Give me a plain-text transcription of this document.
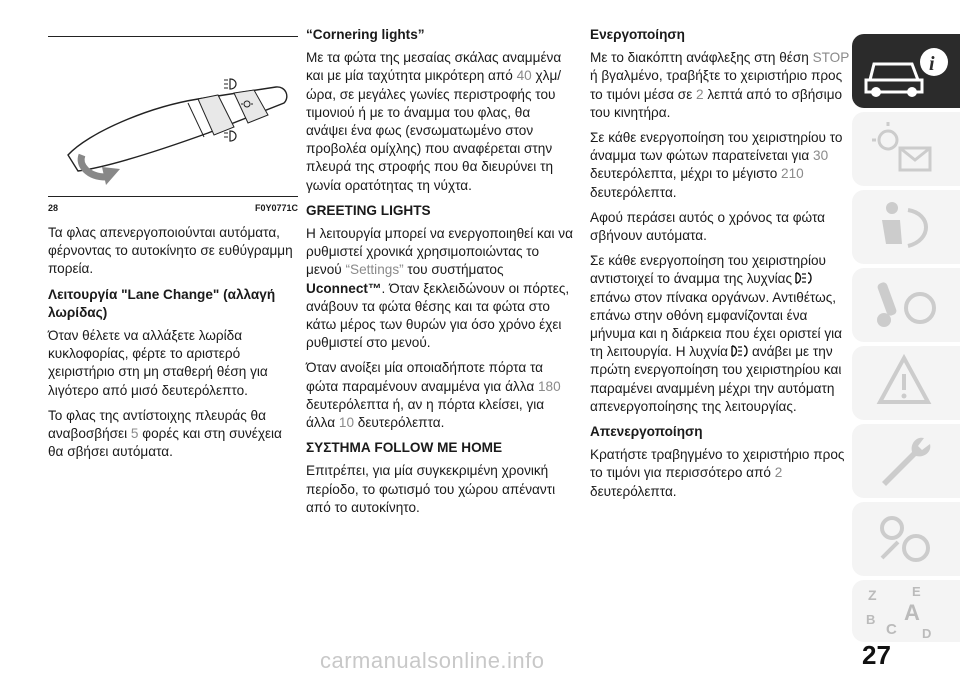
28	F0Y0771C

Τα φλας απενεργοποιούνται αυτόματα, φέρνοντας το αυτοκίνητο σε ευθύγραμμη πορεία.

Λειτουργία "Lane Change" (αλλαγή λωρίδας)

Όταν θέλετε να αλλάξετε λωρίδα κυκλοφορίας, φέρτε το αριστερό χειριστήριο στη μη σταθερή θέση για λιγότερο από μισό δευτερόλεπτο.

Το φλας της αντίστοιχης πλευράς θα αναβοσβήσει 5 φορές και στη συνέχεια θα σβήσει αυτόματα.

“Cornering lights”

Με τα φώτα της μεσαίας σκάλας αναμμένα και με μία ταχύτητα μικρότερη από 40 χλμ/ώρα, σε μεγάλες γωνίες περιστροφής του τιμονιού ή με το άναμμα του φλας, θα ανάψει ένα φως (ενσωματωμένο στον προβολέα ομίχλης) που αναφέρεται στην πλευρά της στροφής που θα διευρύνει τη γωνία ορατότητας τη νύχτα.

GREETING LIGHTS

Η λειτουργία μπορεί να ενεργοποιηθεί και να ρυθμιστεί χρονικά χρησιμοποιώντας το μενού “Settings” του συστήματος Uconnect™. Όταν ξεκλειδώνουν οι πόρτες, ανάβουν τα φώτα θέσης και τα φώτα στο κάτω μέρος των θυρών για όσο χρόνο έχει ρυθμιστεί στο μενού.

Όταν ανοίξει μία οποιαδήποτε πόρτα τα φώτα παραμένουν αναμμένα για άλλα 180 δευτερόλεπτα ή, αν η πόρτα κλείσει, για άλλα 10 δευτερόλεπτα.

ΣΥΣΤΗΜΑ FOLLOW ME HOME

Επιτρέπει, για μία συγκεκριμένη χρονική περίοδο, το φωτισμό του χώρου απέναντι από το αυτοκίνητο.

Ενεργοποίηση

Με το διακόπτη ανάφλεξης στη θέση STOP ή βγαλμένο, τραβήξτε το χειριστήριο προς το τιμόνι μέσα σε 2 λεπτά από το σβήσιμο του κινητήρα.

Σε κάθε ενεργοποίηση του χειριστηρίου το άναμμα των φώτων παρατείνεται για 30 δευτερόλεπτα, μέχρι το μέγιστο 210 δευτερόλεπτα.

Αφού περάσει αυτός ο χρόνος τα φώτα σβήνουν αυτόματα.

Σε κάθε ενεργοποίηση του χειριστηρίου αντιστοιχεί το άναμμα της λυχνίαςεπάνω στον πίνακα οργάνων. Αντιθέτως, επάνω στην οθόνη εμφανίζονται ένα μήνυμα και η διάρκεια που έχει οριστεί για τη λειτουργία. Η λυχνία ανάβει με την πρώτη ενεργοποίηση του χειριστηρίου και παραμένει αναμμένη μέχρι την αυτόματη απενεργοποίησης της λειτουργίας.

Απενεργοποίηση

Κρατήστε τραβηγμένο το χειριστήριο προς το τιμόνι για περισσότερο από 2 δευτερόλεπτα.

i
Z	E
B
C
A
D
27
carmanualsonline.info
